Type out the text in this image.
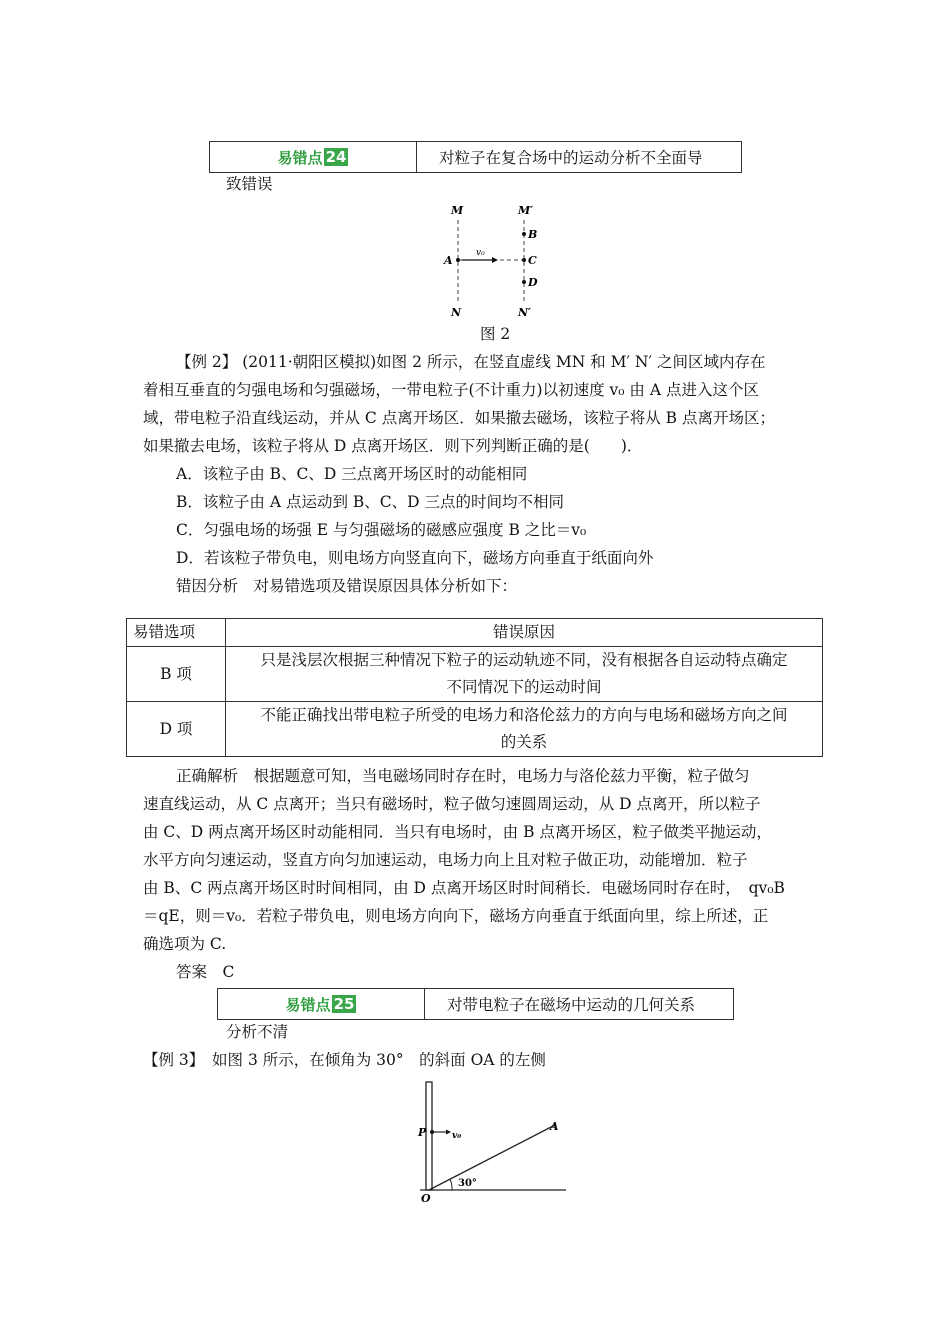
易错点 24	对粒子在复合场中的运动分析不全面导
致错误
M	M′
A
B
C
D
N	N′
v₀
图 2
【例 2】 (2011·朝阳区模拟)如图 2 所示，在竖直虚线 MN 和 M′ N′ 之间区域内存在
着相互垂直的匀强电场和匀强磁场，一带电粒子(不计重力)以初速度 v₀ 由 A 点进入这个区
域，带电粒子沿直线运动，并从 C 点离开场区．如果撤去磁场，该粒子将从 B 点离开场区；
如果撤去电场，该粒子将从 D 点离开场区．则下列判断正确的是(　　)．
A．该粒子由 B、C、D 三点离开场区时的动能相同
B．该粒子由 A 点运动到 B、C、D 三点的时间均不相同
C．匀强电场的场强 E 与匀强磁场的磁感应强度 B 之比＝v₀
D．若该粒子带负电，则电场方向竖直向下，磁场方向垂直于纸面向外
错因分析　对易错选项及错误原因具体分析如下：
易错选项	错误原因
B 项	只是浅层次根据三种情况下粒子的运动轨迹不同，没有根据各自运动特点确定
不同情况下的运动时间

D 项	不能正确找出带电粒子所受的电场力和洛伦兹力的方向与电场和磁场方向之间
的关系
正确解析　根据题意可知，当电磁场同时存在时，电场力与洛伦兹力平衡，粒子做匀
速直线运动，从 C 点离开；当只有磁场时，粒子做匀速圆周运动，从 D 点离开，所以粒子
由 C、D 两点离开场区时动能相同．当只有电场时，由 B 点离开场区，粒子做类平抛运动，
水平方向匀速运动，竖直方向匀加速运动，电场力向上且对粒子做正功，动能增加．粒子
由 B、C 两点离开场区时时间相同，由 D 点离开场区时时间稍长．电磁场同时存在时，　qv₀B
＝qE，则＝v₀．若粒子带负电，则电场方向向下，磁场方向垂直于纸面向里，综上所述，正
确选项为 C.
答案　C
易错点 25	对带电粒子在磁场中运动的几何关系
分析不清
【例 3】　如图 3 所示，在倾角为 30°　的斜面 OA 的左侧
P	v₀
A
O
30°
